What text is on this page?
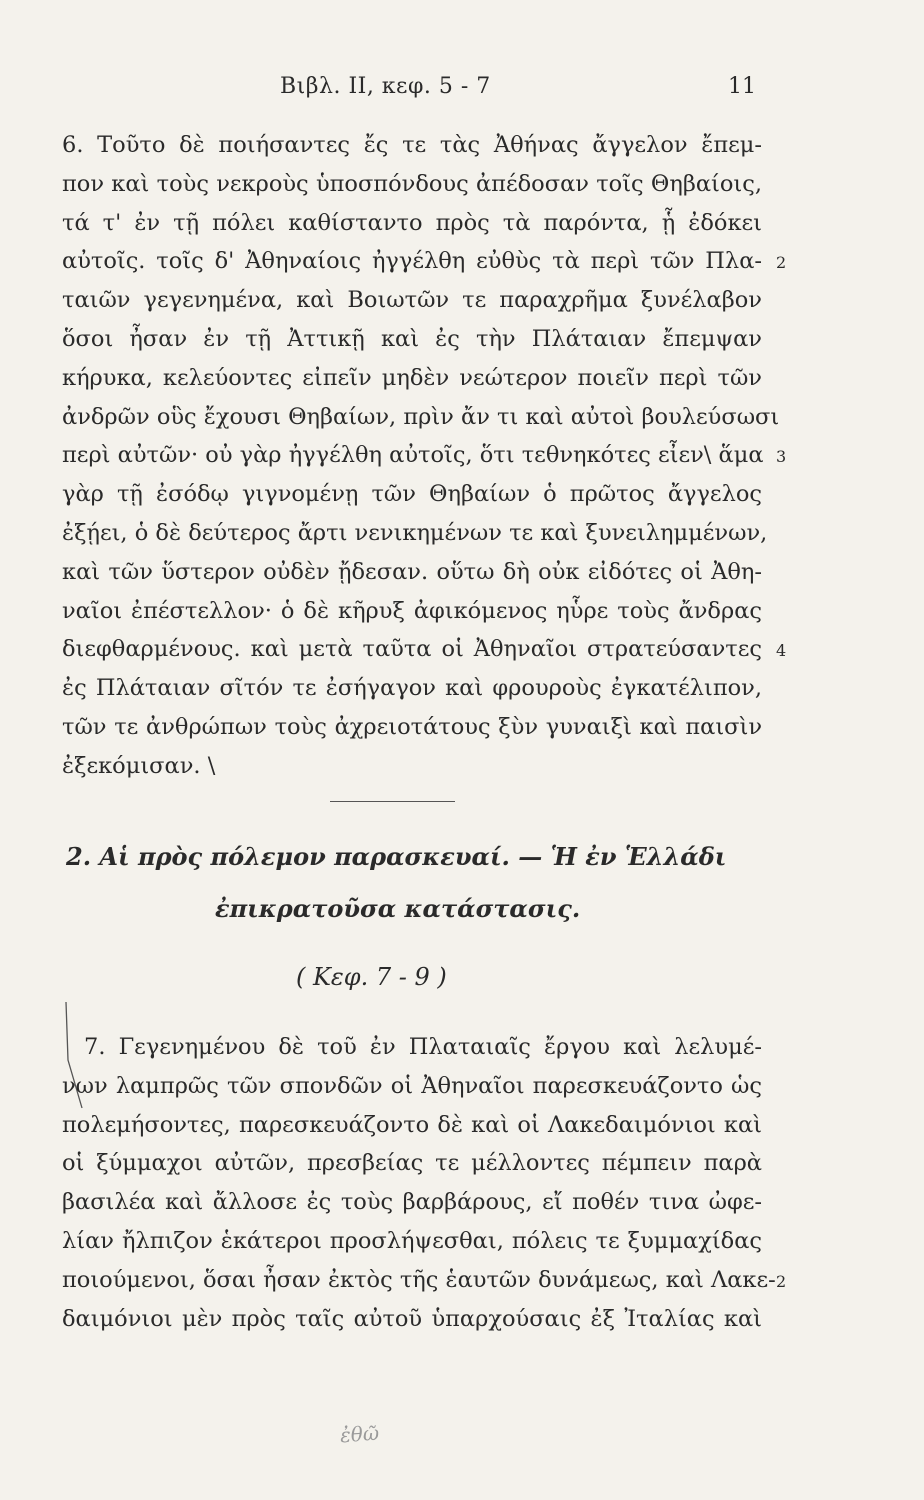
Βιβλ. II, κεφ. 5 - 7	11
6. Τοῦτο δὲ ποιήσαντες ἔς τε τὰς Ἀθήνας ἄγγελον ἔπεμ-
πον καὶ τοὺς νεκροὺς ὑποσπόνδους ἀπέδοσαν τοῖς Θηβαίοις,
τά τ' ἐν τῇ πόλει καθίσταντο πρὸς τὰ παρόντα, ᾗ ἐδόκει
αὐτοῖς. τοῖς δ' Ἀθηναίοις ἠγγέλθη εὐθὺς τὰ περὶ τῶν Πλα- 2
ταιῶν γεγενημένα, καὶ Βοιωτῶν τε παραχρῆμα ξυνέλαβον
ὅσοι ἦσαν ἐν τῇ Ἀττικῇ καὶ ἐς τὴν Πλάταιαν ἔπεμψαν
κήρυκα, κελεύοντες εἰπεῖν μηδὲν νεώτερον ποιεῖν περὶ τῶν
ἀνδρῶν οὓς ἔχουσι Θηβαίων, πρὶν ἄν τι καὶ αὐτοὶ βουλεύσωσι
περὶ αὐτῶν· οὐ γὰρ ἠγγέλθη αὐτοῖς, ὅτι τεθνηκότες εἶεν\ ἅμα 3
γὰρ τῇ ἐσόδῳ γιγνομένῃ τῶν Θηβαίων ὁ πρῶτος ἄγγελος
ἐξῄει, ὁ δὲ δεύτερος ἄρτι νενικημένων τε καὶ ξυνειλημμένων,
καὶ τῶν ὕστερον οὐδὲν ᾔδεσαν. οὕτω δὴ οὐκ εἰδότες οἱ Ἀθη-
ναῖοι ἐπέστελλον· ὁ δὲ κῆρυξ ἀφικόμενος ηὗρε τοὺς ἄνδρας
διεφθαρμένους. καὶ μετὰ ταῦτα οἱ Ἀθηναῖοι στρατεύσαντες 4
ἐς Πλάταιαν σῖτόν τε ἐσήγαγον καὶ φρουροὺς ἐγκατέλιπον,
τῶν τε ἀνθρώπων τοὺς ἀχρειοτάτους ξὺν γυναιξὶ καὶ παισὶν
ἐξεκόμισαν. \
2. Αἱ πρὸς πόλεμον παρασκευαί. — Ἡ ἐν Ἑλλάδι
ἐπικρατοῦσα κατάστασις.
( Κεφ. 7 - 9 )
7. Γεγενημένου δὲ τοῦ ἐν Πλαταιαῖς ἔργου καὶ λελυμέ-
νων λαμπρῶς τῶν σπονδῶν οἱ Ἀθηναῖοι παρεσκευάζοντο ὡς
πολεμήσοντες, παρεσκευάζοντο δὲ καὶ οἱ Λακεδαιμόνιοι καὶ
οἱ ξύμμαχοι αὐτῶν, πρεσβείας τε μέλλοντες πέμπειν παρὰ
βασιλέα καὶ ἄλλοσε ἐς τοὺς βαρβάρους, εἴ ποθέν τινα ὠφε-
λίαν ἤλπιζον ἑκάτεροι προσλήψεσθαι, πόλεις τε ξυμμαχίδας
ποιούμενοι, ὅσαι ἦσαν ἐκτὸς τῆς ἑαυτῶν δυνάμεως, καὶ Λακε- 2
δαιμόνιοι μὲν πρὸς ταῖς αὐτοῦ ὑπαρχούσαις ἐξ Ἰταλίας καὶ
ἐθῶ
